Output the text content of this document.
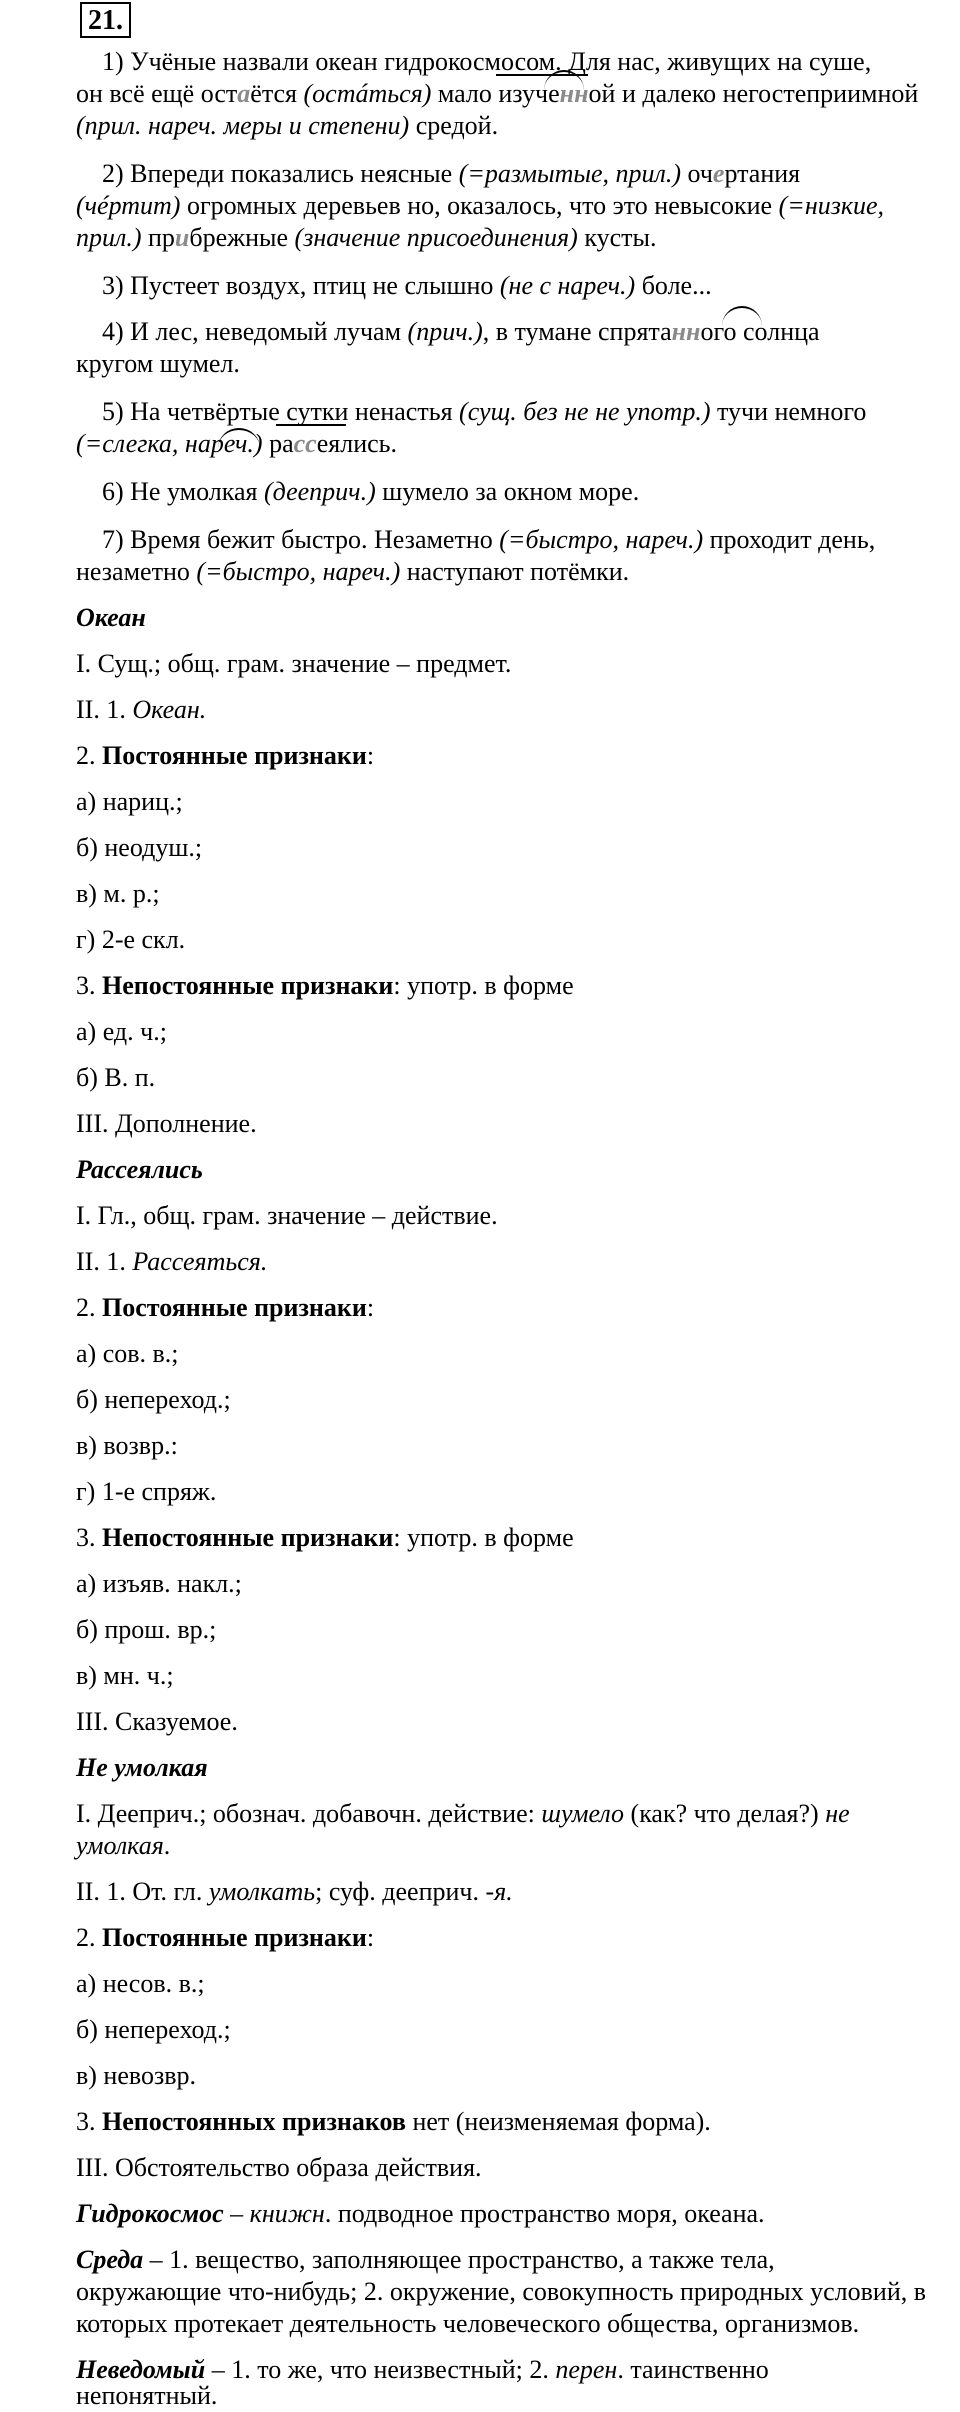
21.
1) Учёные назвали океан гидрокосмосом. Для нас, живущих на суше,
он всё ещё остаётся (остáться) мало изученной и далеко негостеприимной
(прил. нареч. меры и степени) средой.
2) Впереди показались неясные (=размытые, прил.) очертания
(чéртит) огромных деревьев но, оказалось, что это невысокие (=низкие,
прил.) прибрежные (значение присоединения) кусты.
3) Пустеет воздух, птиц не слышно (не с нареч.) боле...
4) И лес, неведомый лучам (прич.), в тумане спрятанного солнца
кругом шумел.
5) На четвёртые сутки ненастья (сущ. без не не употр.) тучи немного
(=слегка, нареч.) рассеялись.
6) Не умолкая (дееприч.) шумело за окном море.
7) Время бежит быстро. Незаметно (=быстро, нареч.) проходит день,
незаметно (=быстро, нареч.) наступают потёмки.
Океан
I. Сущ.; общ. грам. значение – предмет.
II. 1. Океан.
2. Постоянные признаки:
а) нариц.;
б) неодуш.;
в) м. р.;
г) 2-е скл.
3. Непостоянные признаки: употр. в форме
а) ед. ч.;
б) В. п.
III. Дополнение.
Рассеялись
I. Гл., общ. грам. значение – действие.
II. 1. Рассеяться.
2. Постоянные признаки:
а) сов. в.;
б) непереход.;
в) возвр.:
г) 1-е спряж.
3. Непостоянные признаки: употр. в форме
а) изъяв. накл.;
б) прош. вр.;
в) мн. ч.;
III. Сказуемое.
Не умолкая
I. Дееприч.; обознач. добавочн. действие: шумело (как? что делая?) не
умолкая.
II. 1. От. гл. умолкать; суф. дееприч. -я.
2. Постоянные признаки:
а) несов. в.;
б) непереход.;
в) невозвр.
3. Непостоянных признаков нет (неизменяемая форма).
III. Обстоятельство образа действия.
Гидрокосмос – книжн. подводное пространство моря, океана.
Среда – 1. вещество, заполняющее пространство, а также тела,
окружающие что-нибудь; 2. окружение, совокупность природных условий, в
которых протекает деятельность человеческого общества, организмов.
Неведомый – 1. то же, что неизвестный; 2. перен. таинственно
непонятный.
